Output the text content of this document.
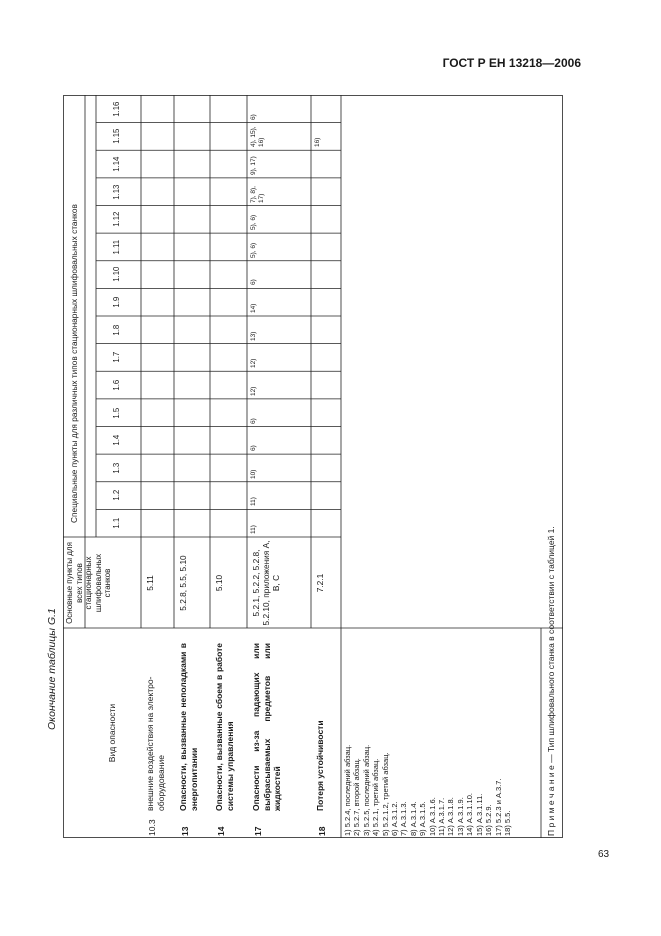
ГОСТ Р ЕН 13218—2006
Окончание таблицы G.1
Специальные пункты для различных типов стационарных шлифовальных станков
Основные пункты для всех типов стационарных шлифовальных станков
Вид опасности
1.1
1.2
1.3
1.4
1.5
1.6
1.7
1.8
1.9
1.10
1.11
1.12
1.13
1.14
1.15
1.16
10.3
внешние воздействия на электро-оборудование
5.11
13
Опасности, вызванные неполадками в энергопитании
5.2.8, 5.5, 5.10
14
Опасности, вызванные сбоем в работе системы управления
5.10
17
Опасности из-за падающих или выбрасываемых предметов или жидкостей
5.2.1, 5.2.2, 5.2.8, 5.2.10, приложения А, В, С
11)
11)
10)
6)
6)
12)
12)
13)
14)
6)
5), 6)
5), 6)
7), 8), 17)
9), 17)
4), 15), 16)
6)
18
Потеря устойчивости
7.2.1
16)
1) 5.2.4, последний абзац. 2) 5.2.7, второй абзац. 3) 5.2.5, последний абзац. 4) 5.2.1, третий абзац. 5) 5.2.1.2, третий абзац. 6) А.3.1.2. 7) А.3.1.3. 8) А.3.1.4. 9) А.3.1.5. 10) А.3.1.6. 11) А.3.1.7. 12) А.3.1.8. 13) А.3.1.9. 14) А.3.1.10. 15) А.3.1.11. 16) 5.2.9. 17) 5.2.3 и А.3.7. 18) 5.5.	П р и м е ч а н и е — Тип шлифовального станка в соответствии с таблицей 1.
63
